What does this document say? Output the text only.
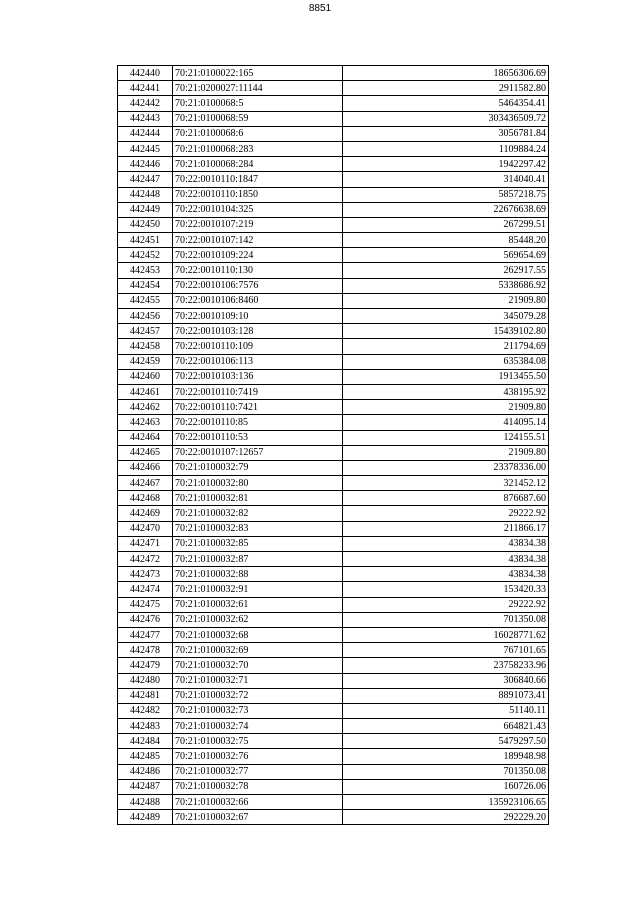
8851
442440	70:21:0100022:165	18656306.69
442441	70:21:0200027:11144	2911582.80
442442	70:21:0100068:5	5464354.41
442443	70:21:0100068:59	303436509.72
442444	70:21:0100068:6	3056781.84
442445	70:21:0100068:283	1109884.24
442446	70:21:0100068:284	1942297.42
442447	70:22:0010110:1847	314040.41
442448	70:22:0010110:1850	5857218.75
442449	70:22:0010104:325	22676638.69
442450	70:22:0010107:219	267299.51
442451	70:22:0010107:142	85448.20
442452	70:22:0010109:224	569654.69
442453	70:22:0010110:130	262917.55
442454	70:22:0010106:7576	5338686.92
442455	70:22:0010106:8460	21909.80
442456	70:22:0010109:10	345079.28
442457	70:22:0010103:128	15439102.80
442458	70:22:0010110:109	211794.69
442459	70:22:0010106:113	635384.08
442460	70:22:0010103:136	1913455.50
442461	70:22:0010110:7419	438195.92
442462	70:22:0010110:7421	21909.80
442463	70:22:0010110:85	414095.14
442464	70:22:0010110:53	124155.51
442465	70:22:0010107:12657	21909.80
442466	70:21:0100032:79	23378336.00
442467	70:21:0100032:80	321452.12
442468	70:21:0100032:81	876687.60
442469	70:21:0100032:82	29222.92
442470	70:21:0100032:83	211866.17
442471	70:21:0100032:85	43834.38
442472	70:21:0100032:87	43834.38
442473	70:21:0100032:88	43834.38
442474	70:21:0100032:91	153420.33
442475	70:21:0100032:61	29222.92
442476	70:21:0100032:62	701350.08
442477	70:21:0100032:68	16028771.62
442478	70:21:0100032:69	767101.65
442479	70:21:0100032:70	23758233.96
442480	70:21:0100032:71	306840.66
442481	70:21:0100032:72	8891073.41
442482	70:21:0100032:73	51140.11
442483	70:21:0100032:74	664821.43
442484	70:21:0100032:75	5479297.50
442485	70:21:0100032:76	189948.98
442486	70:21:0100032:77	701350.08
442487	70:21:0100032:78	160726.06
442488	70:21:0100032:66	135923106.65
442489	70:21:0100032:67	292229.20
